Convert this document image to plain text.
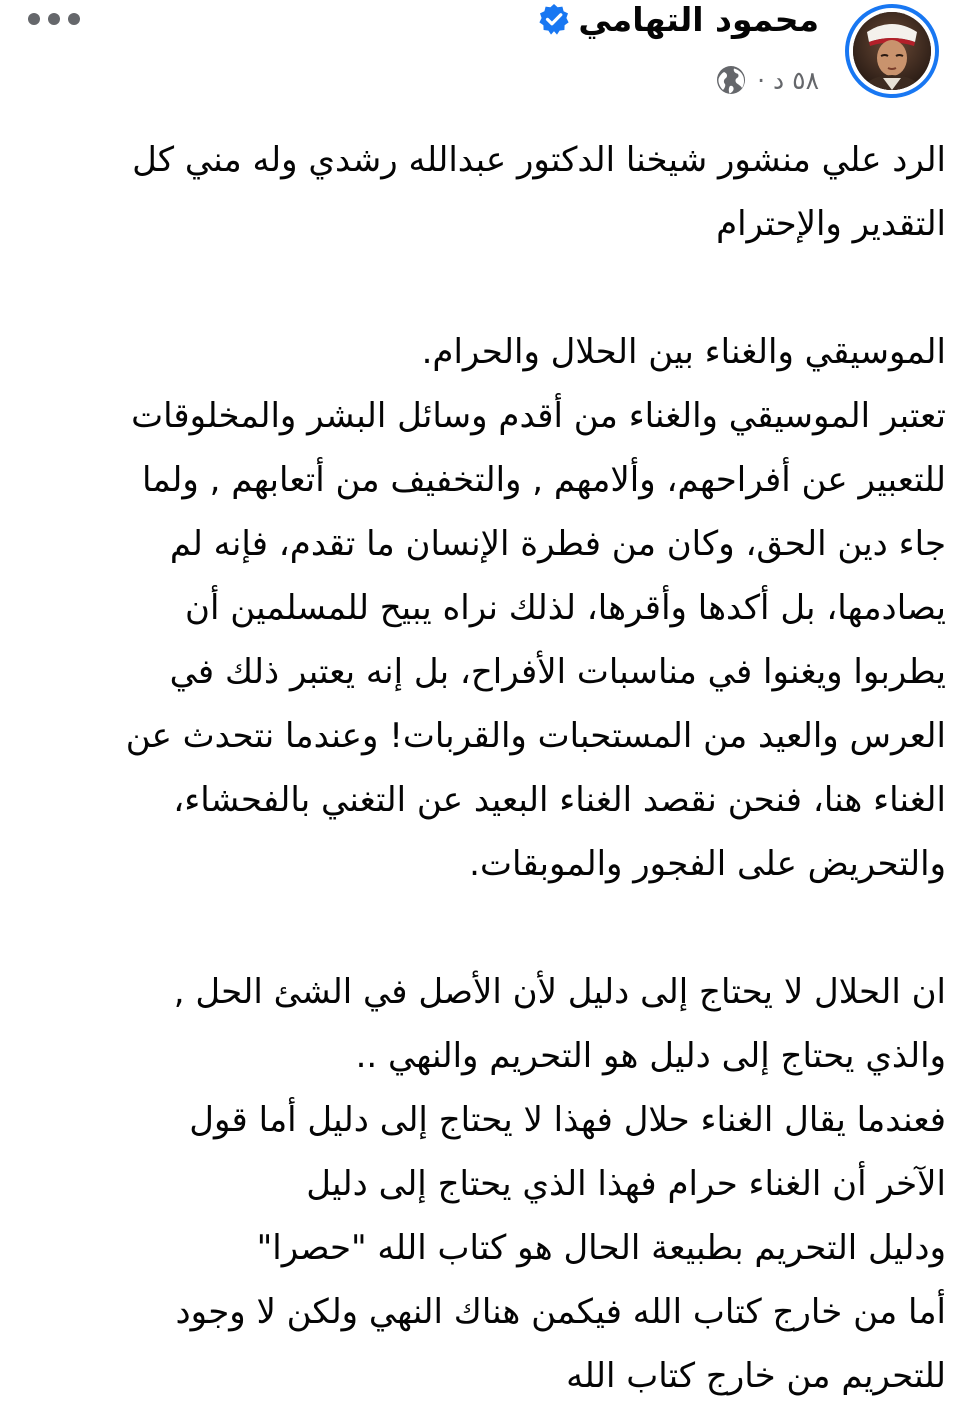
محمود التهامي
٥٨ د ·
الرد علي منشور شيخنا الدكتور عبدالله رشدي وله مني كل
التقدير والإحترام
الموسيقي والغناء بين الحلال والحرام.
تعتبر الموسيقي والغناء من أقدم وسائل البشر والمخلوقات
للتعبير عن أفراحهم، وألامهم , والتخفيف من أتعابهم , ولما
جاء دين الحق، وكان من فطرة الإنسان ما تقدم، فإنه لم
يصادمها، بل أكدها وأقرها، لذلك نراه يبيح للمسلمين أن
يطربوا ويغنوا في مناسبات الأفراح، بل إنه يعتبر ذلك في
العرس والعيد من المستحبات والقربات! وعندما نتحدث عن
الغناء هنا، فنحن نقصد الغناء البعيد عن التغني بالفحشاء،
والتحريض على الفجور والموبقات.
ان الحلال لا يحتاج إلى دليل لأن الأصل في الشئ الحل ,
والذي يحتاج إلى دليل هو التحريم والنهي ..
فعندما يقال الغناء حلال فهذا لا يحتاج إلى دليل أما قول
الآخر أن الغناء حرام فهذا الذي يحتاج إلى دليل
ودليل التحريم بطبيعة الحال هو كتاب الله "حصرا"
أما من خارج كتاب الله فيكمن هناك النهي ولكن لا وجود
للتحريم من خارج كتاب الله
